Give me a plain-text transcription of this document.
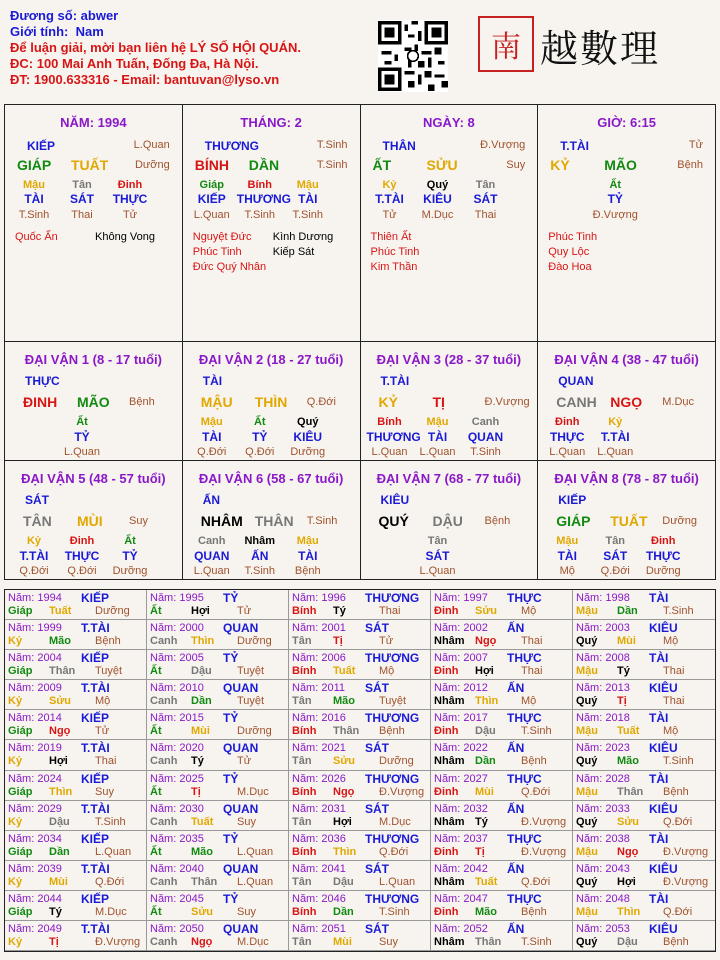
Đương số: abwer
Giới tính: Nam
Để luận giải, mời bạn liên hệ LÝ SỐ HỘI QUÁN.
ĐC: 100 Mai Anh Tuấn, Đống Đa, Hà Nội.
ĐT: 1900.633316 - Email: bantuvan@lyso.vn
南 越數理
NĂM: 1994
KIẾP	L.Quan
GIÁP TUẤT Dưỡng
Mậu
TÀI
T.Sinh
Tân
SÁT
Thai
Đinh
THỰC
Tử
Quốc Ấn	Không Vong
THÁNG: 2
THƯƠNG	T.Sinh
BÍNH DẦN	T.Sinh
Giáp
KIẾP
L.Quan
Bính
THƯƠNG
T.Sinh
Mậu
TÀI
T.Sinh
Nguyệt Đức
Phúc Tinh
Đức Quý Nhân
Kình Dương
Kiếp Sát
NGÀY: 8
THÂN	Đ.Vượng
ẤT	SỬU	Suy
Kỷ
T.TÀI
Tử
Quý
KIÊU
M.Dục
Tân
SÁT
Thai
Thiên Ất
Phúc Tinh
Kim Thần
GIỜ: 6:15
T.TÀI	Tử
KỶ MÃO	Bệnh
Ất
TỶ
Đ.Vượng
Phúc Tinh
Quy Lộc
Đào Hoa
ĐẠI VẬN 1 (8 - 17 tuổi)
THỰC
ĐINH MÃO Bệnh
Ất
TỶ
L.Quan
ĐẠI VẬN 2 (18 - 27 tuổi)
TÀI
MẬU THÌN Q.Đới
Mậu
TÀI
Q.Đới
Ất
TỶ
Q.Đới
Quý
KIÊU
Dưỡng
ĐẠI VẬN 3 (28 - 37 tuổi)
T.TÀI
KỶ TỊ	Đ.Vượng
Bính
THƯƠNG
L.Quan
Mậu
TÀI
L.Quan
Canh
QUAN
T.Sinh
ĐẠI VẬN 4 (38 - 47 tuổi)
QUAN
CANH NGỌ M.Dục
Đinh
THỰC
L.Quan
Kỷ
T.TÀI
L.Quan
ĐẠI VẬN 5 (48 - 57 tuổi)
SÁT
TÂN MÙI Suy
Kỷ
T.TÀI
Q.Đới
Đinh
THỰC
Q.Đới
Ất
TỶ
Dưỡng
ĐẠI VẬN 6 (58 - 67 tuổi)
ẤN
NHÂM THÂN T.Sinh
Canh
QUAN
L.Quan
Nhâm
ẤN
T.Sinh
Mậu
TÀI
Bệnh
ĐẠI VẬN 7 (68 - 77 tuổi)
KIÊU
QUÝ DẬU Bệnh
Tân
SÁT
L.Quan
ĐẠI VẬN 8 (78 - 87 tuổi)
KIẾP
GIÁP TUẤT Dưỡng
Mậu
TÀI
Mộ
Tân
SÁT
Q.Đới
Đinh
THỰC
Dưỡng
Năm: 1994 KIẾP
Giáp Tuất Dưỡng
Năm: 1995 TỶ
Ất	Hợi Tử
Năm: 1996 THƯƠNG
Bính Tý	Thai
Năm: 1997 THỰC
Đinh Sửu Mộ
Năm: 1998 TÀI
Mậu Dần T.Sinh
Năm: 1999 T.TÀI
Kỷ Mão Bệnh
Năm: 2000 QUAN
Canh Thìn Dưỡng
Năm: 2001 SÁT
Tân Tị	Tử
Năm: 2002 ẤN
Nhâm Ngọ Thai
Năm: 2003 KIÊU
Quý Mùi Mộ
Năm: 2004 KIẾP
Giáp Thân Tuyệt
Năm: 2005 TỶ
Ất	Dậu Tuyệt
Năm: 2006 THƯƠNG
Bính Tuất Mộ
Năm: 2007 THỰC
Đinh Hợi Thai
Năm: 2008 TÀI
Mậu Tý	Thai
Năm: 2009 T.TÀI
Kỷ Sửu Mộ
Năm: 2010 QUAN
Canh Dần Tuyệt
Năm: 2011 SÁT
Tân Mão Tuyệt
Năm: 2012 ẤN
Nhâm Thìn Mộ
Năm: 2013 KIÊU
Quý Tị	Thai
Năm: 2014 KIẾP
Giáp Ngọ Tử
Năm: 2015 TỶ
Ất	Mùi Dưỡng
Năm: 2016 THƯƠNG
Bính Thân Bệnh
Năm: 2017 THỰC
Đinh Dậu T.Sinh
Năm: 2018 TÀI
Mậu Tuất Mộ
Năm: 2019 T.TÀI
Kỷ Hợi Thai
Năm: 2020 QUAN
Canh Tý	Tử
Năm: 2021 SÁT
Tân Sửu Dưỡng
Năm: 2022 ẤN
Nhâm Dần Bệnh
Năm: 2023 KIÊU
Quý Mão T.Sinh
Năm: 2024 KIẾP
Giáp Thìn Suy
Năm: 2025 TỶ
Ất	Tị	M.Dục
Năm: 2026 THƯƠNG
Bính Ngọ Đ.Vượng
Năm: 2027 THỰC
Đinh Mùi Q.Đới
Năm: 2028 TÀI
Mậu Thân Bệnh
Năm: 2029 T.TÀI
Kỷ Dậu T.Sinh
Năm: 2030 QUAN
Canh Tuất Suy
Năm: 2031 SÁT
Tân Hợi M.Dục
Năm: 2032 ẤN
Nhâm Tý	Đ.Vượng
Năm: 2033 KIÊU
Quý Sửu Q.Đới
Năm: 2034 KIẾP
Giáp Dần L.Quan
Năm: 2035 TỶ
Ất	Mão L.Quan
Năm: 2036 THƯƠNG
Bính Thìn Q.Đới
Năm: 2037 THỰC
Đinh Tị	Đ.Vượng
Năm: 2038 TÀI
Mậu Ngọ Đ.Vượng
Năm: 2039 T.TÀI
Kỷ Mùi Q.Đới
Năm: 2040 QUAN
Canh Thân L.Quan
Năm: 2041 SÁT
Tân Dậu L.Quan
Năm: 2042 ẤN
Nhâm Tuất Q.Đới
Năm: 2043 KIÊU
Quý Hợi Đ.Vượng
Năm: 2044 KIẾP
Giáp Tý	M.Dục
Năm: 2045 TỶ
Ất	Sửu Suy
Năm: 2046 THƯƠNG
Bính Dần T.Sinh
Năm: 2047 THỰC
Đinh Mão Bệnh
Năm: 2048 TÀI
Mậu Thìn Q.Đới
Năm: 2049 T.TÀI
Kỷ Tị	Đ.Vượng
Năm: 2050 QUAN
Canh Ngọ M.Dục
Năm: 2051 SÁT
Tân Mùi Suy
Năm: 2052 ẤN
Nhâm Thân T.Sinh
Năm: 2053 KIÊU
Quý Dậu Bệnh
